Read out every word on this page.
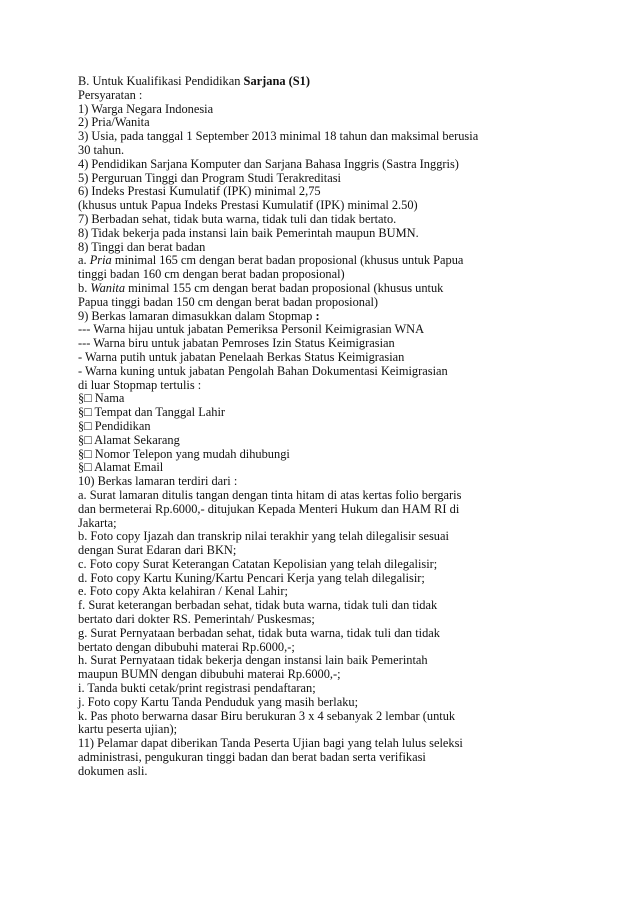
B. Untuk Kualifikasi Pendidikan Sarjana (S1)
Persyaratan :
1) Warga Negara Indonesia
2) Pria/Wanita
3) Usia, pada tanggal 1 September 2013 minimal 18 tahun dan maksimal berusia
30 tahun.
4) Pendidikan Sarjana Komputer dan Sarjana Bahasa Inggris (Sastra Inggris)
5) Perguruan Tinggi dan Program Studi Terakreditasi
6) Indeks Prestasi Kumulatif (IPK) minimal 2,75
(khusus untuk Papua Indeks Prestasi Kumulatif (IPK) minimal 2.50)
7) Berbadan sehat, tidak buta warna, tidak tuli dan tidak bertato.
8) Tidak bekerja pada instansi lain baik Pemerintah maupun BUMN.
8) Tinggi dan berat badan
a. Pria minimal 165 cm dengan berat badan proposional (khusus untuk Papua
tinggi badan 160 cm dengan berat badan proposional)
b. Wanita minimal 155 cm dengan berat badan proposional (khusus untuk
Papua tinggi badan 150 cm dengan berat badan proposional)
9) Berkas lamaran dimasukkan dalam Stopmap :
--- Warna hijau untuk jabatan Pemeriksa Personil Keimigrasian WNA
--- Warna biru untuk jabatan Pemroses Izin Status Keimigrasian
- Warna putih untuk jabatan Penelaah Berkas Status Keimigrasian
- Warna kuning untuk jabatan Pengolah Bahan Dokumentasi Keimigrasian
di luar Stopmap tertulis :
§□ Nama
§□ Tempat dan Tanggal Lahir
§□ Pendidikan
§□ Alamat Sekarang
§□ Nomor Telepon yang mudah dihubungi
§□ Alamat Email
10) Berkas lamaran terdiri dari :
a. Surat lamaran ditulis tangan dengan tinta hitam di atas kertas folio bergaris
dan bermeterai Rp.6000,- ditujukan Kepada Menteri Hukum dan HAM RI di
Jakarta;
b. Foto copy Ijazah dan transkrip nilai terakhir yang telah dilegalisir sesuai
dengan Surat Edaran dari BKN;
c. Foto copy Surat Keterangan Catatan Kepolisian yang telah dilegalisir;
d. Foto copy Kartu Kuning/Kartu Pencari Kerja yang telah dilegalisir;
e. Foto copy Akta kelahiran / Kenal Lahir;
f. Surat keterangan berbadan sehat, tidak buta warna, tidak tuli dan tidak
bertato dari dokter RS. Pemerintah/ Puskesmas;
g. Surat Pernyataan berbadan sehat, tidak buta warna, tidak tuli dan tidak
bertato dengan dibubuhi materai Rp.6000,-;
h. Surat Pernyataan tidak bekerja dengan instansi lain baik Pemerintah
maupun BUMN dengan dibubuhi materai Rp.6000,-;
i. Tanda bukti cetak/print registrasi pendaftaran;
j. Foto copy Kartu Tanda Penduduk yang masih berlaku;
k. Pas photo berwarna dasar Biru berukuran 3 x 4 sebanyak 2 lembar (untuk
kartu peserta ujian);
11) Pelamar dapat diberikan Tanda Peserta Ujian bagi yang telah lulus seleksi
administrasi, pengukuran tinggi badan dan berat badan serta verifikasi
dokumen asli.
